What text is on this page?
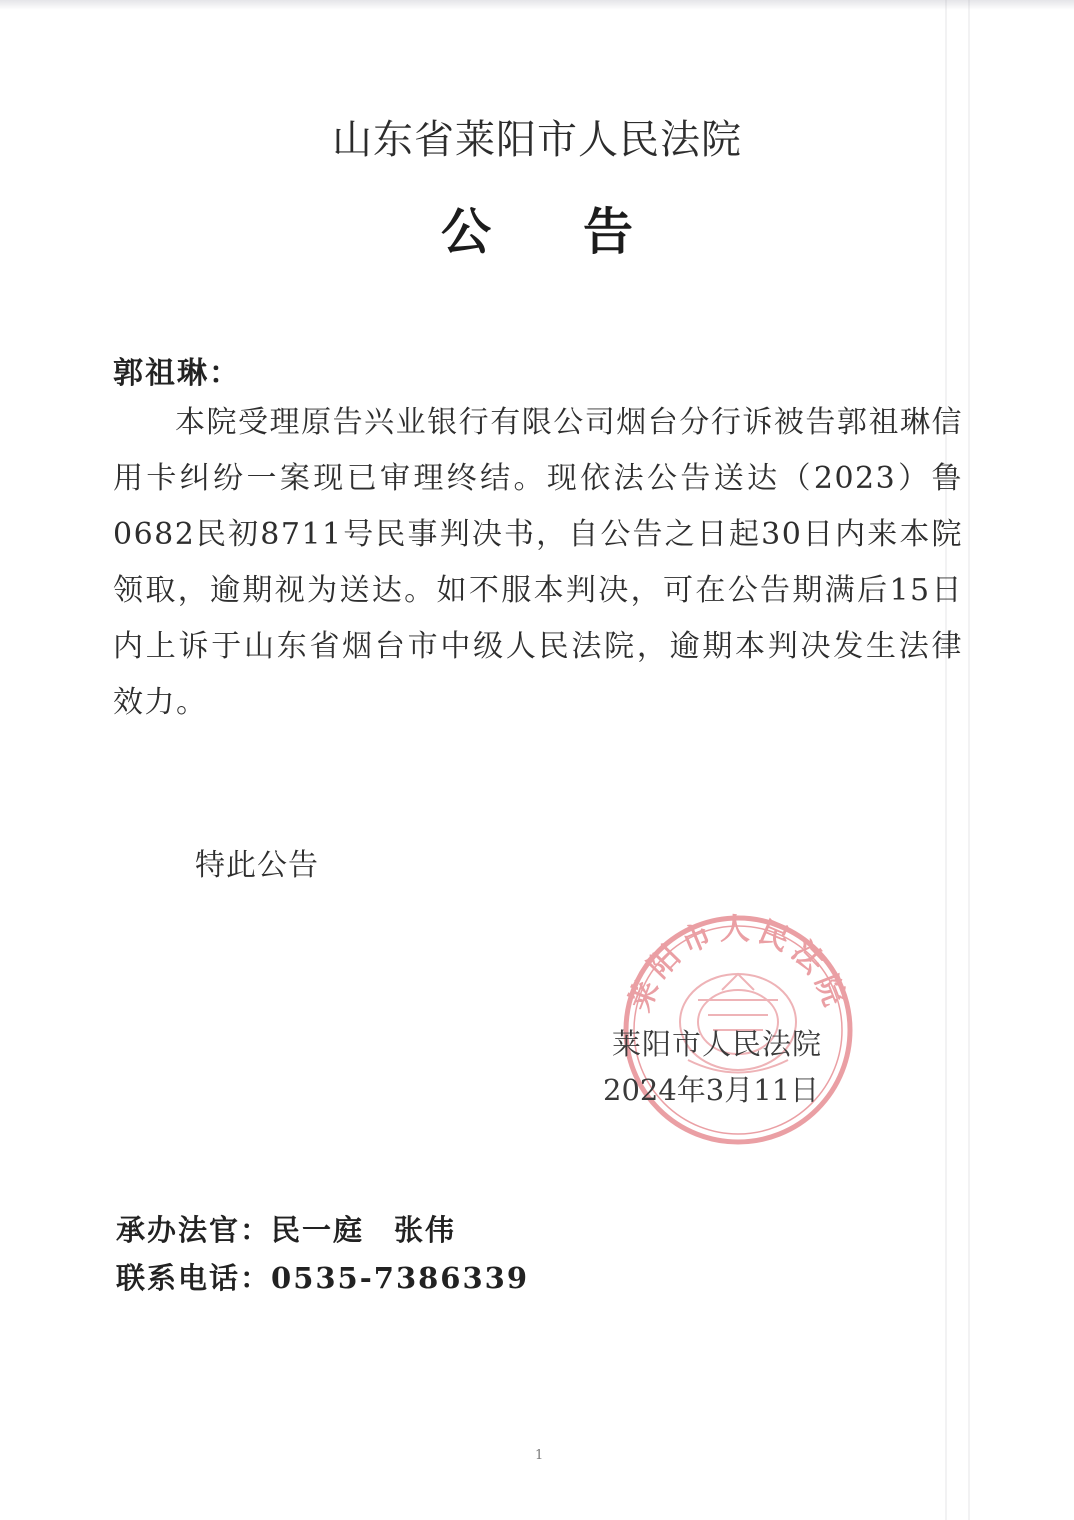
山东省莱阳市人民法院
公 告
郭祖琳：
本院受理原告兴业银行有限公司烟台分行诉被告郭祖琳信用卡纠纷一案现已审理终结。现依法公告送达（2023）鲁0682民初8711号民事判决书，自公告之日起30日内来本院领取，逾期视为送达。如不服本判决，可在公告期满后15日内上诉于山东省烟台市中级人民法院，逾期本判决发生法律效力。
特此公告
莱阳市人民法院
莱阳市人民法院
2024年3月11日
承办法官：民一庭 张伟
联系电话：0535-7386339
1
